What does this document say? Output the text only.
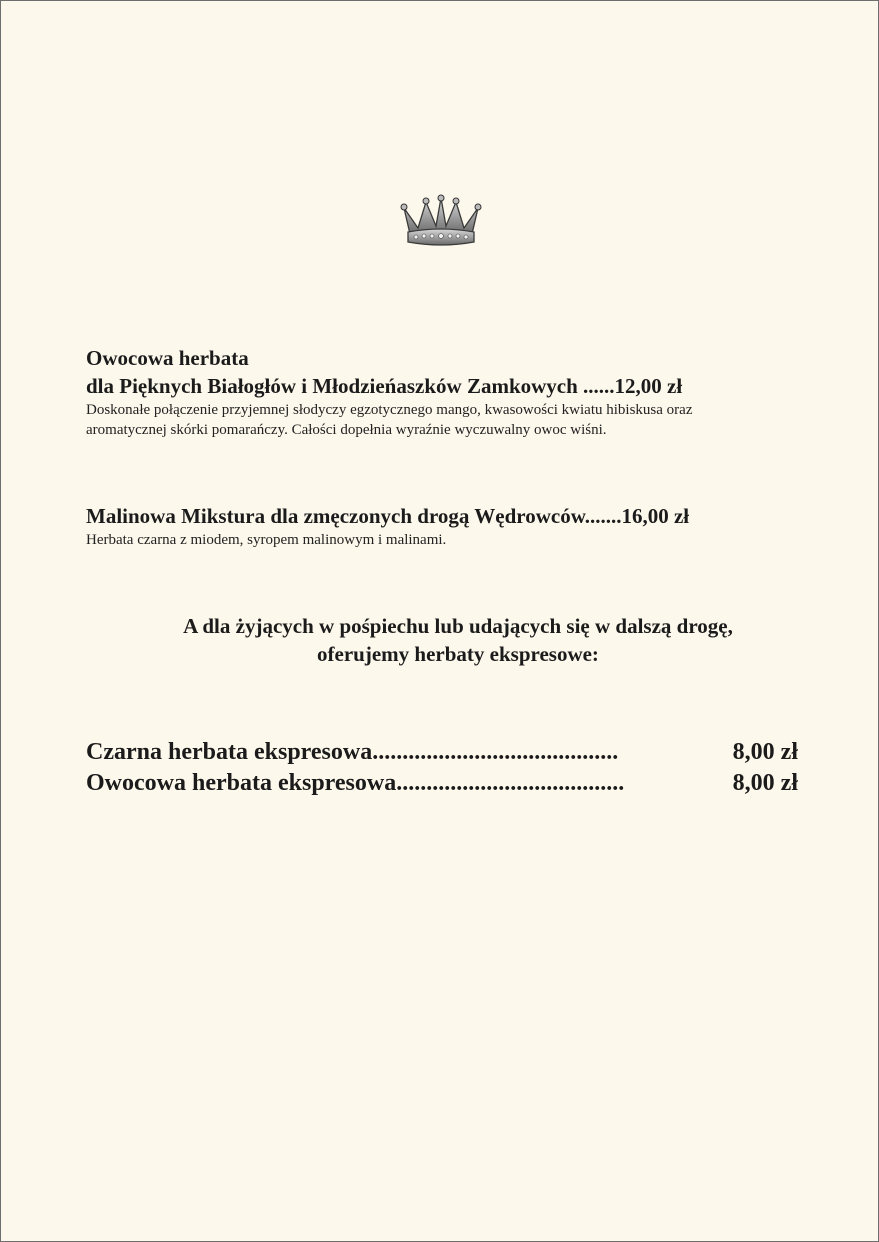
Owocowa herbata
dla Pięknych Białogłów i Młodzieńaszków Zamkowych ......12,00 zł
Doskonałe połączenie przyjemnej słodyczy egzotycznego mango, kwasowości kwiatu hibiskusa oraz
aromatycznej skórki pomarańczy. Całości dopełnia wyraźnie wyczuwalny owoc wiśni.
Malinowa Mikstura dla zmęczonych drogą Wędrowców.......16,00 zł
Herbata czarna z miodem, syropem malinowym i malinami.
A dla żyjących w pośpiechu lub udających się w dalszą drogę,
oferujemy herbaty ekspresowe:
Czarna herbata ekspresowa.........................................	8,00 zł
Owocowa herbata ekspresowa......................................	8,00 zł
